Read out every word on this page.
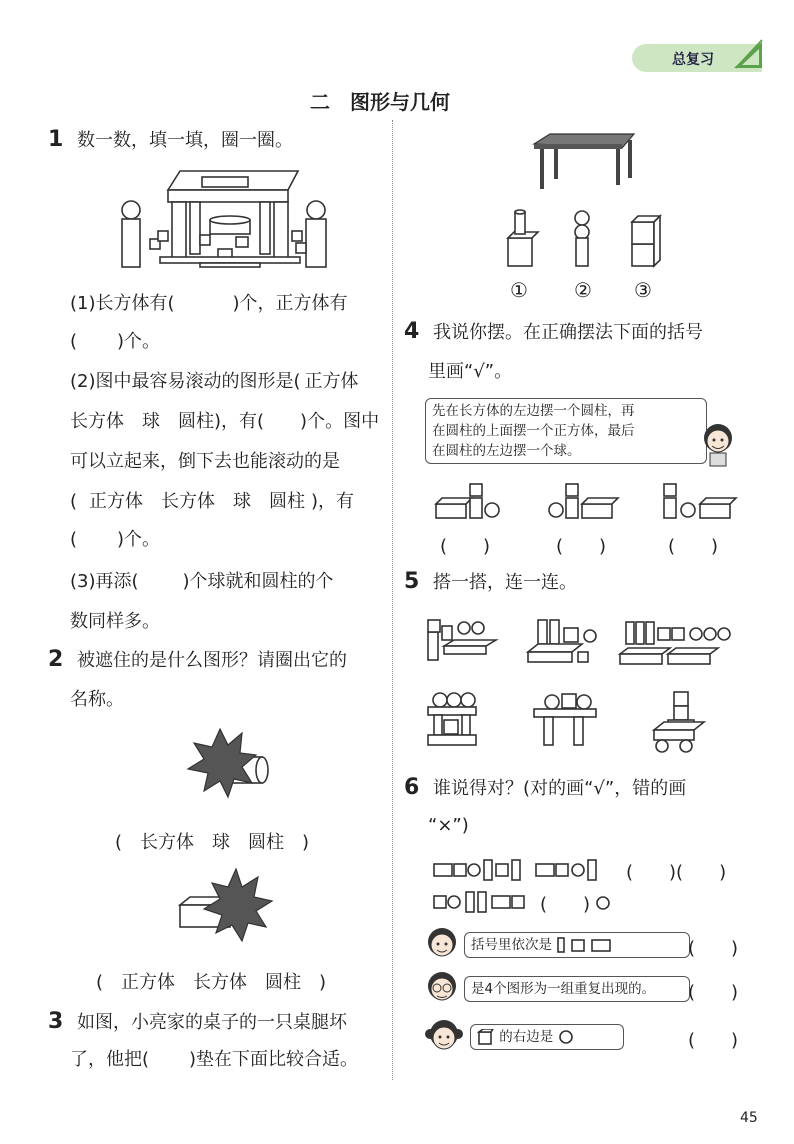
总复习
二　图形与几何
1 数一数，填一填，圈一圈。
(1)长方体有(	)个，正方体有
( )个。
(2)图中最容易滚动的图形是( 正方体
长方体　球　圆柱)，有( )个。图中
可以立起来，倒下去也能滚动的是
( 正方体　长方体　球　圆柱 )，有
( )个。
(3)再添( )个球就和圆柱的个
数同样多。
2 被遮住的是什么图形？请圈出它的
名称。
(　长方体　球　圆柱　)
(　正方体　长方体　圆柱　)
3 如图，小亮家的桌子的一只桌腿坏
了，他把( )垫在下面比较合适。
① ② ③
4 我说你摆。在正确摆法下面的括号
里画“√”。
先在长方体的左边摆一个圆柱，再
在圆柱的上面摆一个正方体，最后
在圆柱的左边摆一个球。
(　　)	(　　)	(　　)
5 搭一搭，连一连。
6 谁说得对？(对的画“√”，错的画
“×”)
(　　)(　　)
(　　)
括号里依次是	(　　)
是4个图形为一组重复出现的。	(　　)
的右边是	(　　)
45
